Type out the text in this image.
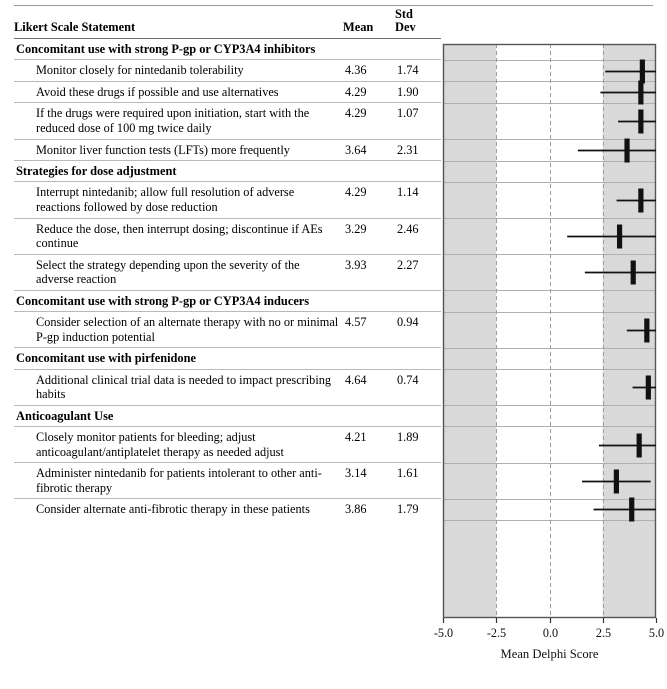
Likert Scale Statement	Mean	Std
Dev
Concomitant use with strong P-gp or CYP3A4 inhibitors		
Monitor closely for nintedanib tolerability	4.36	1.74
Avoid these drugs if possible and use alternatives	4.29	1.90
If the drugs were required upon initiation, start with the reduced dose of 100 mg twice daily	4.29	1.07
Monitor liver function tests (LFTs) more frequently	3.64	2.31
Strategies for dose adjustment		
Interrupt nintedanib; allow full resolution of adverse reactions followed by dose reduction	4.29	1.14
Reduce the dose, then interrupt dosing; discontinue if AEs continue	3.29	2.46
Select the strategy depending upon the severity of the adverse reaction	3.93	2.27
Concomitant use with strong P-gp or CYP3A4 inducers		
Consider selection of an alternate therapy with no or minimal P-gp induction potential	4.57	0.94
Concomitant use with pirfenidone		
Additional clinical trial data is needed to impact prescribing habits	4.64	0.74
Anticoagulant Use		
Closely monitor patients for bleeding; adjust anticoagulant/antiplatelet therapy as needed adjust	4.21	1.89
Administer nintedanib for patients intolerant to other anti-fibrotic therapy	3.14	1.61
Consider alternate anti-fibrotic therapy in these patients	3.86	1.79
-5.0	-2.5	0.0	2.5	5.0
Mean Delphi Score
